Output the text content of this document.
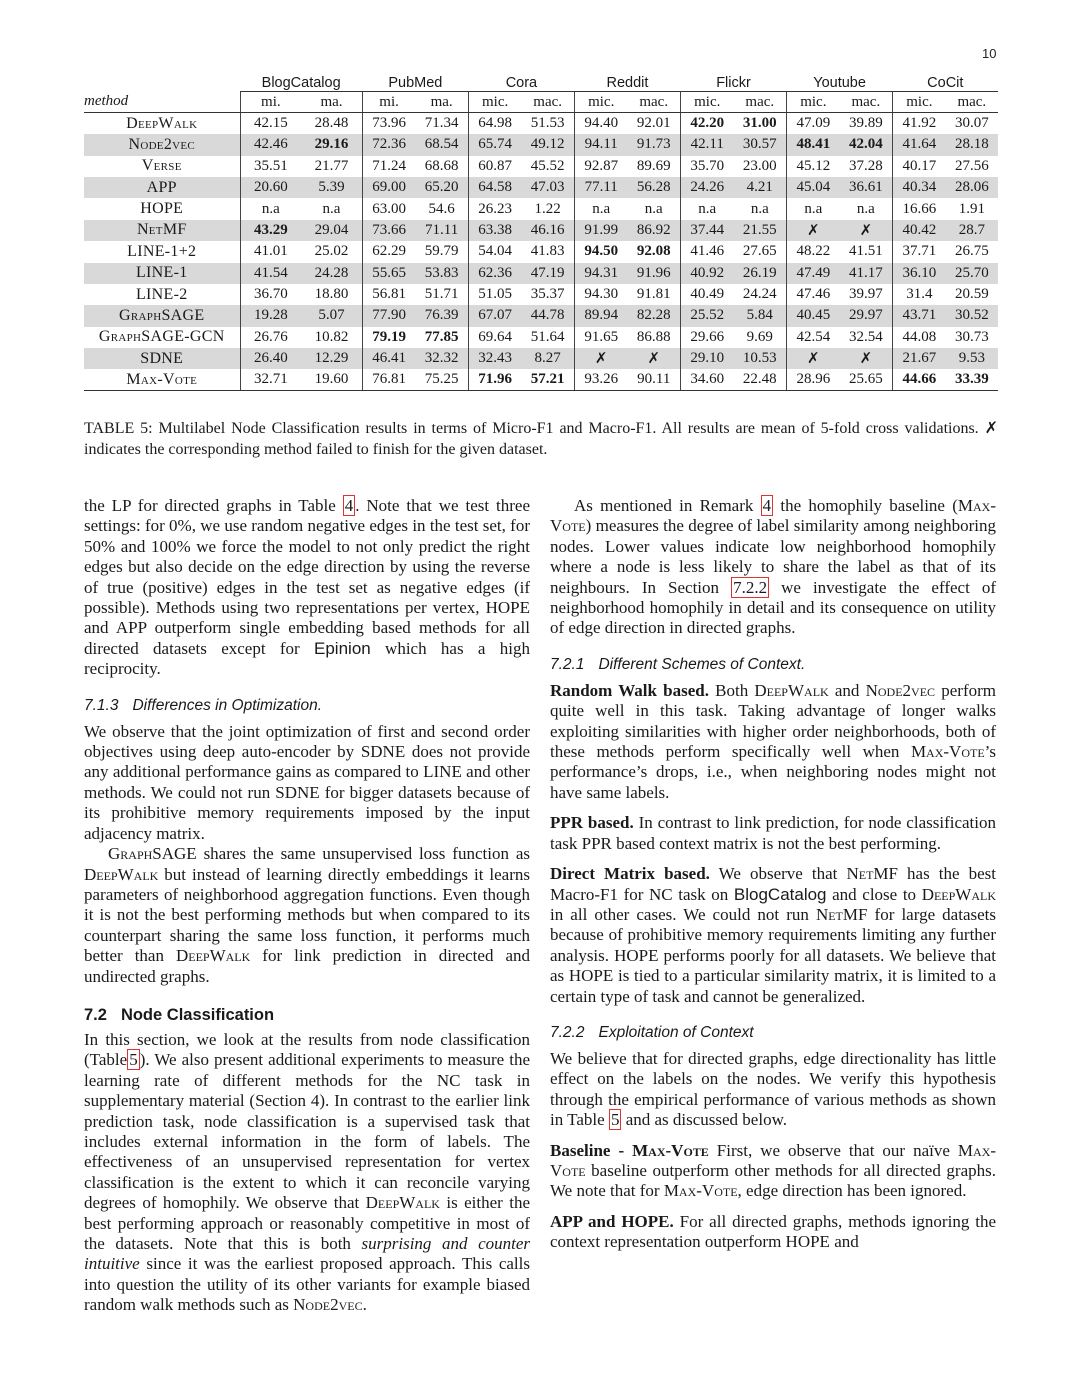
10
	BlogCatalog		PubMed		Cora		Reddit		Flickr		Youtube		CoCit	
method	mi.	ma.	mi.	ma.	mic.	mac.	mic.	mac.	mic.	mac.	mic.	mac.	mic.	mac.
DeepWalk	42.15	28.48	73.96	71.34	64.98	51.53	94.40	92.01	42.20	31.00	47.09	39.89	41.92	30.07
Node2vec	42.46	29.16	72.36	68.54	65.74	49.12	94.11	91.73	42.11	30.57	48.41	42.04	41.64	28.18
Verse	35.51	21.77	71.24	68.68	60.87	45.52	92.87	89.69	35.70	23.00	45.12	37.28	40.17	27.56
APP	20.60	5.39	69.00	65.20	64.58	47.03	77.11	56.28	24.26	4.21	45.04	36.61	40.34	28.06
HOPE	n.a	n.a	63.00	54.6	26.23	1.22	n.a	n.a	n.a	n.a	n.a	n.a	16.66	1.91
NetMF	43.29	29.04	73.66	71.11	63.38	46.16	91.99	86.92	37.44	21.55	✗	✗	40.42	28.7
LINE-1+2	41.01	25.02	62.29	59.79	54.04	41.83	94.50	92.08	41.46	27.65	48.22	41.51	37.71	26.75
LINE-1	41.54	24.28	55.65	53.83	62.36	47.19	94.31	91.96	40.92	26.19	47.49	41.17	36.10	25.70
LINE-2	36.70	18.80	56.81	51.71	51.05	35.37	94.30	91.81	40.49	24.24	47.46	39.97	31.4	20.59
GraphSAGE	19.28	5.07	77.90	76.39	67.07	44.78	89.94	82.28	25.52	5.84	40.45	29.97	43.71	30.52
GraphSAGE-GCN	26.76	10.82	79.19	77.85	69.64	51.64	91.65	86.88	29.66	9.69	42.54	32.54	44.08	30.73
SDNE	26.40	12.29	46.41	32.32	32.43	8.27	✗	✗	29.10	10.53	✗	✗	21.67	9.53
Max-Vote	32.71	19.60	76.81	75.25	71.96	57.21	93.26	90.11	34.60	22.48	28.96	25.65	44.66	33.39
TABLE 5: Multilabel Node Classification results in terms of Micro-F1 and Macro-F1. All results are mean of 5-fold cross validations. ✗ indicates the corresponding method failed to finish for the given dataset.

the LP for directed graphs in Table 4 . Note that we test three settings: for 0%, we use random negative edges in the test set, for 50% and 100% we force the model to not only predict the right edges but also decide on the edge direction by using the reverse of true (positive) edges in the test set as negative edges (if possible). Methods using two representations per vertex, HOPE and APP outperform single embedding based methods for all directed datasets except for Epinion which has a high reciprocity.

7.1.3 Differences in Optimization.

We observe that the joint optimization of first and second order objectives using deep auto-encoder by SDNE does not provide any additional performance gains as compared to LINE and other methods. We could not run SDNE for bigger datasets because of its prohibitive memory requirements imposed by the input adjacency matrix.

GraphSAGE shares the same unsupervised loss function as DeepWalk but instead of learning directly embeddings it learns parameters of neighborhood aggregation functions. Even though it is not the best performing methods but when compared to its counterpart sharing the same loss function, it performs much better than DeepWalk for link prediction in directed and undirected graphs.

7.2 Node Classification

In this section, we look at the results from node classification (Table 5 ). We also present additional experiments to measure the learning rate of different methods for the NC task in supplementary material (Section 4). In contrast to the earlier link prediction task, node classification is a supervised task that includes external information in the form of labels. The effectiveness of an unsupervised representation for vertex classification is the extent to which it can reconcile varying degrees of homophily. We observe that DeepWalk is either the best performing approach or reasonably competitive in most of the datasets. Note that this is both surprising and counter intuitive since it was the earliest proposed approach. This calls into question the utility of its other variants for example biased random walk methods such as Node2vec.

As mentioned in Remark 4 the homophily baseline (Max-Vote) measures the degree of label similarity among neighboring nodes. Lower values indicate low neighborhood homophily where a node is less likely to share the label as that of its neighbours. In Section 7.2.2 we investigate the effect of neighborhood homophily in detail and its consequence on utility of edge direction in directed graphs.

7.2.1 Different Schemes of Context.

Random Walk based. Both DeepWalk and Node2vec perform quite well in this task. Taking advantage of longer walks exploiting similarities with higher order neighborhoods, both of these methods perform specifically well when Max-Vote’s performance’s drops, i.e., when neighboring nodes might not have same labels.

PPR based. In contrast to link prediction, for node classification task PPR based context matrix is not the best performing.

Direct Matrix based. We observe that NetMF has the best Macro-F1 for NC task on BlogCatalog and close to DeepWalk in all other cases. We could not run NetMF for large datasets because of prohibitive memory requirements limiting any further analysis. HOPE performs poorly for all datasets. We believe that as HOPE is tied to a particular similarity matrix, it is limited to a certain type of task and cannot be generalized.

7.2.2 Exploitation of Context

We believe that for directed graphs, edge directionality has little effect on the labels on the nodes. We verify this hypothesis through the empirical performance of various methods as shown in Table 5 and as discussed below.

Baseline - Max-Vote First, we observe that our naïve Max-Vote baseline outperform other methods for all directed graphs. We note that for Max-Vote, edge direction has been ignored.

APP and HOPE. For all directed graphs, methods ignoring the context representation outperform HOPE and
